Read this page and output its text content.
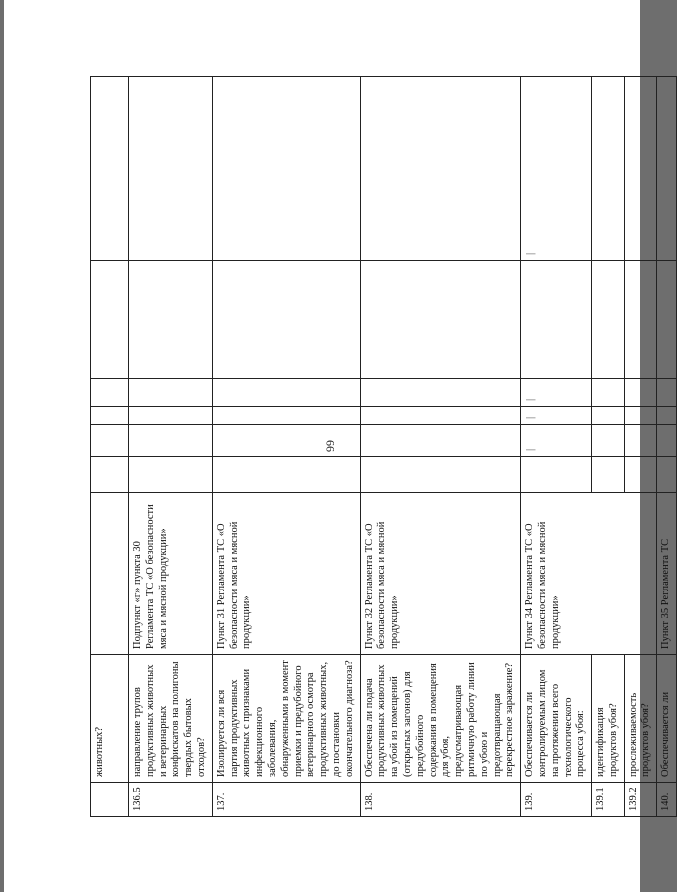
66
	животных?							
136.5	направление трупов продуктивных животных и ветеринарных конфискатов на полигоны твердых бытовых отходов?	Подпункт «г» пункта 30 Регламента ТС «О безопасности мяса и мясной продукции»						
137.	Изолируется ли вся партия продуктивных животных с признаками инфекционного заболевания, обнаруженными в момент приемки и предубойного ветеринарного осмотра продуктивных животных, до постановки окончательного диагноза?	Пункт 31 Регламента ТС «О безопасности мяса и мясной продукции»						
138.	Обеспечена ли подача продуктивных животных на убой из помещений (открытых загонов) для предубойного содержания в помещения для убоя, предусматривающая ритмичную работу линии по убою и предотвращающая перекрестное заражение?	Пункт 32 Регламента ТС «О безопасности мяса и мясной продукции»						
139.	Обеспечивается ли контролируемым лицом на протяжении всего технологического процесса убоя:	Пункт 34 Регламента ТС «О безопасности мяса и мясной продукции»		|	|	|		|
139.1	идентификация продуктов убоя?							
139.2	прослеживаемость продуктов убоя?							
140.	Обеспечивается ли	Пункт 35 Регламента ТС						
